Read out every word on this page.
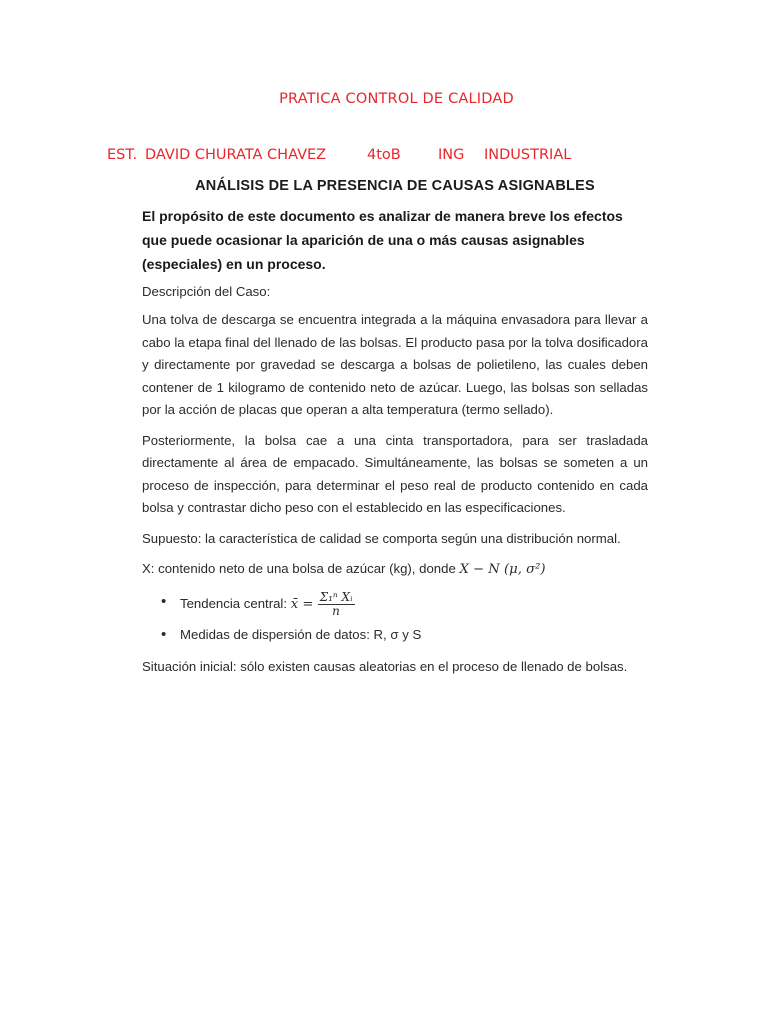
PRATICA CONTROL DE CALIDAD

EST.

DAVID CHURATA CHAVEZ

	4toB

	ING

INDUSTRIAL

ANÁLISIS DE LA PRESENCIA DE CAUSAS ASIGNABLES
El propósito de este documento es analizar de manera breve los efectos que puede ocasionar la aparición de una o más causas asignables (especiales) en un proceso.
Descripción del Caso:
Una tolva de descarga se encuentra integrada a la máquina envasadora para llevar a cabo la etapa final del llenado de las bolsas. El producto pasa por la tolva dosificadora y directamente por gravedad se descarga a bolsas de polietileno, las cuales deben contener de 1 kilogramo de contenido neto de azúcar. Luego, las bolsas son selladas por la acción de placas que operan a alta temperatura (termo sellado).
Posteriormente, la bolsa cae a una cinta transportadora, para ser trasladada directamente al área de empacado. Simultáneamente, las bolsas se someten a un proceso de inspección, para determinar el peso real de producto contenido en cada bolsa y contrastar dicho peso con el establecido en las especificaciones.
Supuesto: la característica de calidad se comporta según una distribución normal.
X: contenido neto de una bolsa de azúcar (kg), donde X − N (μ, σ²)
• Tendencia central: x̄ = $\frac{\text{Σ₁ⁿ Xᵢ}}{n}$
• Medidas de dispersión de datos: R, σ y S
Situación inicial: sólo existen causas aleatorias en el proceso de llenado de bolsas.
